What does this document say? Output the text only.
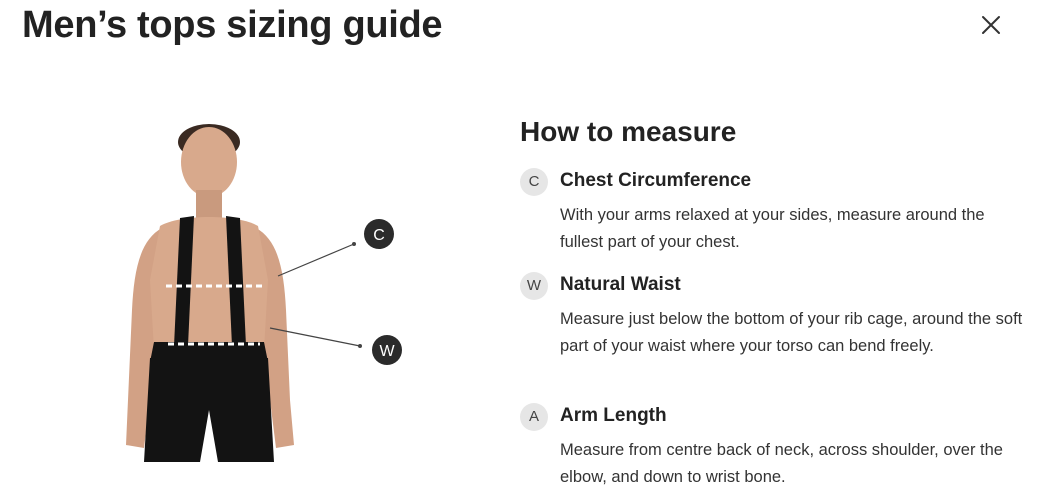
Men’s tops sizing guide
C
W
How to measure
C	Chest Circumference

With your arms relaxed at your sides, measure around the fullest part of your chest.

W Natural Waist

Measure just below the bottom of your rib cage, around the soft part of your waist where your torso can bend freely.

A	Arm Length

Measure from centre back of neck, across shoulder, over the elbow, and down to wrist bone.
